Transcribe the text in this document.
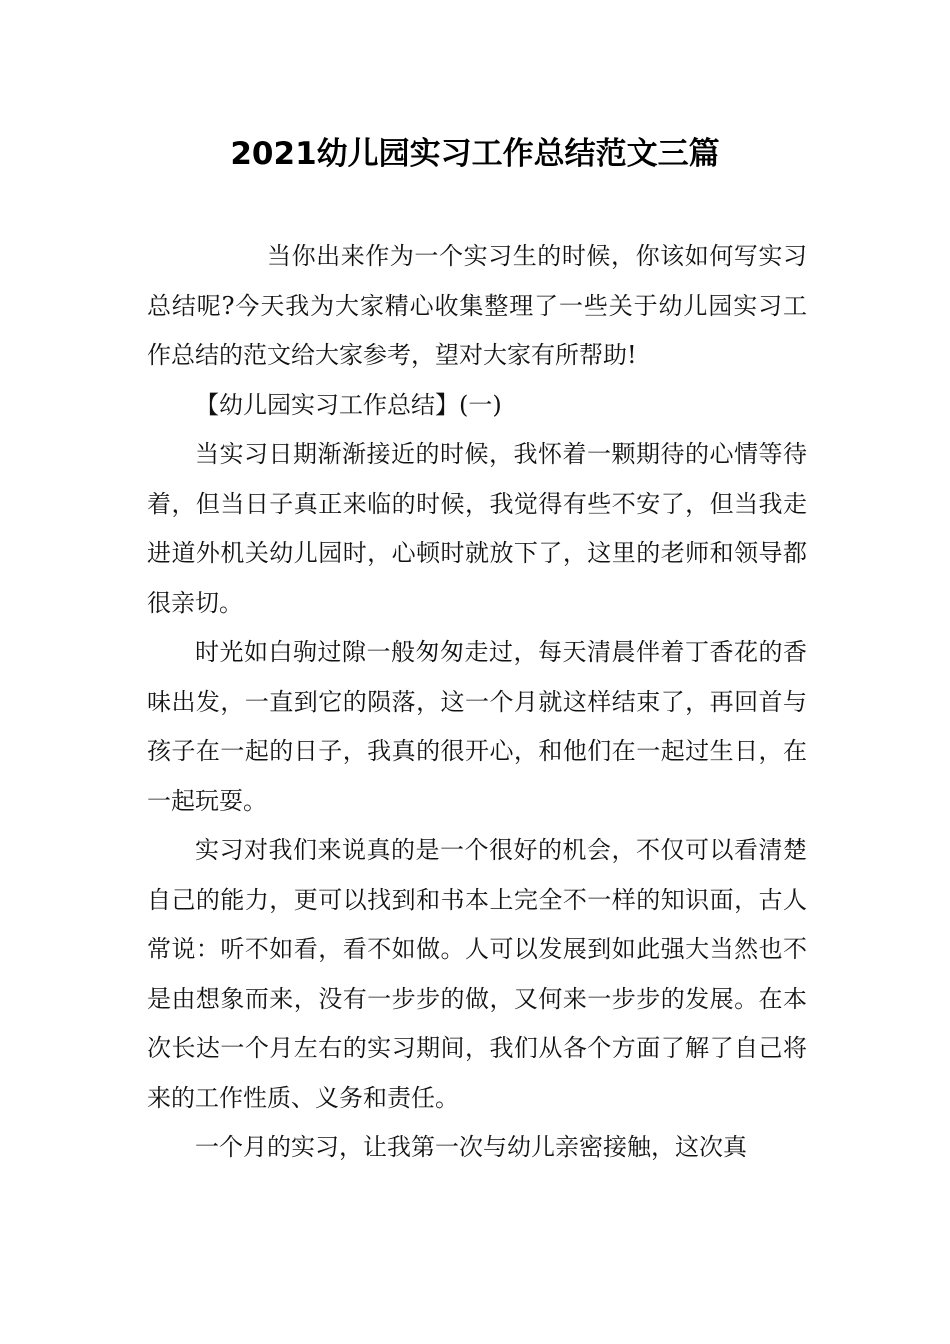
2021幼儿园实习工作总结范文三篇

当你出来作为一个实习生的时候，你该如何写实习总结呢?今天我为大家精心收集整理了一些关于幼儿园实习工作总结的范文给大家参考，望对大家有所帮助!

【幼儿园实习工作总结】(一)

当实习日期渐渐接近的时候，我怀着一颗期待的心情等待着，但当日子真正来临的时候，我觉得有些不安了，但当我走进道外机关幼儿园时，心顿时就放下了，这里的老师和领导都很亲切。

时光如白驹过隙一般匆匆走过，每天清晨伴着丁香花的香味出发，一直到它的陨落，这一个月就这样结束了，再回首与孩子在一起的日子，我真的很开心，和他们在一起过生日，在一起玩耍。

实习对我们来说真的是一个很好的机会，不仅可以看清楚自己的能力，更可以找到和书本上完全不一样的知识面，古人常说：听不如看，看不如做。人可以发展到如此强大当然也不是由想象而来，没有一步步的做，又何来一步步的发展。在本次长达一个月左右的实习期间，我们从各个方面了解了自己将来的工作性质、义务和责任。

一个月的实习，让我第一次与幼儿亲密接触，这次真
